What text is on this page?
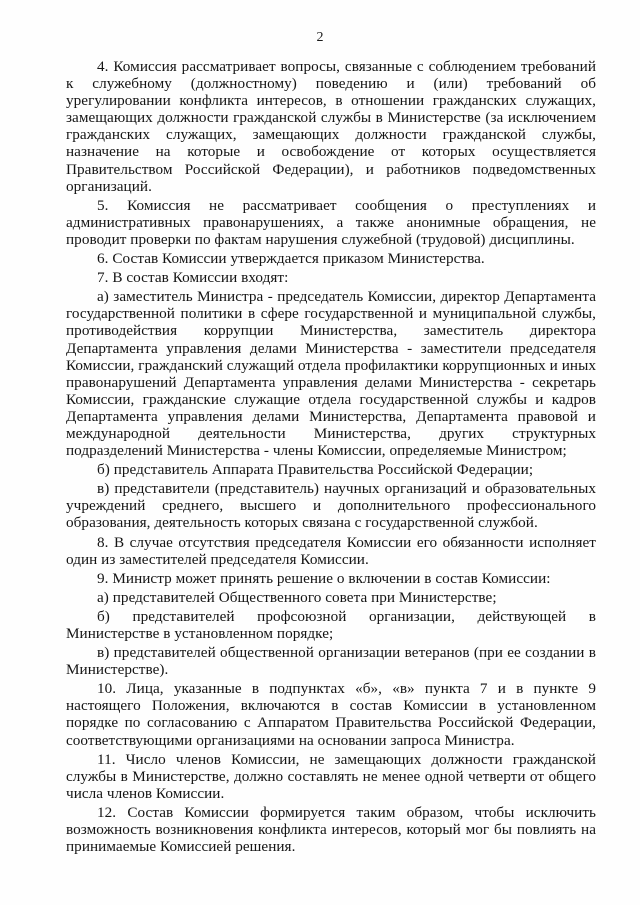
2

4. Комиссия рассматривает вопросы, связанные с соблюдением требований к служебному (должностному) поведению и (или) требований об урегулировании конфликта интересов, в отношении гражданских служащих, замещающих должности гражданской службы в Министерстве (за исключением гражданских служащих, замещающих должности гражданской службы, назначение на которые и освобождение от которых осуществляется Правительством Российской Федерации), и работников подведомственных организаций.

5. Комиссия не рассматривает сообщения о преступлениях и административных правонарушениях, а также анонимные обращения, не проводит проверки по фактам нарушения служебной (трудовой) дисциплины.

6. Состав Комиссии утверждается приказом Министерства.

7. В состав Комиссии входят:

а) заместитель Министра - председатель Комиссии, директор Департамента государственной политики в сфере государственной и муниципальной службы, противодействия коррупции Министерства, заместитель директора Департамента управления делами Министерства - заместители председателя Комиссии, гражданский служащий отдела профилактики коррупционных и иных правонарушений Департамента управления делами Министерства - секретарь Комиссии, гражданские служащие отдела государственной службы и кадров Департамента управления делами Министерства, Департамента правовой и международной деятельности Министерства, других структурных подразделений Министерства - члены Комиссии, определяемые Министром;

б) представитель Аппарата Правительства Российской Федерации;

в) представители (представитель) научных организаций и образовательных учреждений среднего, высшего и дополнительного профессионального образования, деятельность которых связана с государственной службой.

8. В случае отсутствия председателя Комиссии его обязанности исполняет один из заместителей председателя Комиссии.

9. Министр может принять решение о включении в состав Комиссии:

а) представителей Общественного совета при Министерстве;

б) представителей профсоюзной организации, действующей в Министерстве в установленном порядке;

в) представителей общественной организации ветеранов (при ее создании в Министерстве).

10. Лица, указанные в подпунктах «б», «в» пункта 7 и в пункте 9 настоящего Положения, включаются в состав Комиссии в установленном порядке по согласованию с Аппаратом Правительства Российской Федерации, соответствующими организациями на основании запроса Министра.

11. Число членов Комиссии, не замещающих должности гражданской службы в Министерстве, должно составлять не менее одной четверти от общего числа членов Комиссии.

12. Состав Комиссии формируется таким образом, чтобы исключить возможность возникновения конфликта интересов, который мог бы повлиять на принимаемые Комиссией решения.
